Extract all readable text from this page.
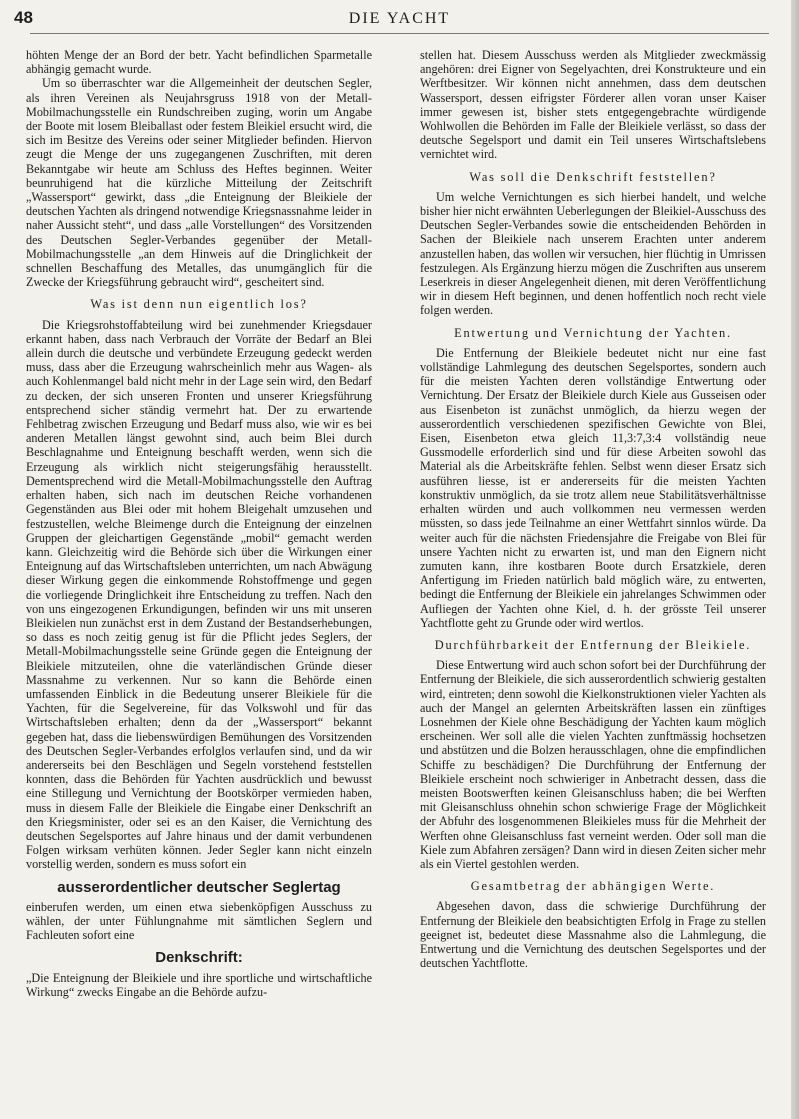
48	DIE YACHT

höhten Menge der an Bord der betr. Yacht befindlichen Sparmetalle abhängig gemacht wurde.

Um so überraschter war die Allgemeinheit der deutschen Segler, als ihren Vereinen als Neujahrsgruss 1918 von der Metall-Mobilmachungsstelle ein Rundschreiben zuging, worin um Angabe der Boote mit losem Bleiballast oder festem Bleikiel ersucht wird, die sich im Besitze des Vereins oder seiner Mitglieder befinden. Hiervon zeugt die Menge der uns zugegangenen Zuschriften, mit deren Bekanntgabe wir heute am Schluss des Heftes beginnen. Weiter beunruhigend hat die kürzliche Mitteilung der Zeitschrift „Wassersport“ gewirkt, dass „die Enteignung der Bleikiele der deutschen Yachten als dringend notwendige Kriegsnassnahme leider in naher Aussicht steht“, und dass „alle Vorstellungen“ des Vorsitzenden des Deutschen Segler-Verbandes gegenüber der Metall-Mobilmachungsstelle „an dem Hinweis auf die Dringlichkeit der schnellen Beschaffung des Metalles, das unumgänglich für die Zwecke der Kriegsführung gebraucht wird“, gescheitert sind.

Was ist denn nun eigentlich los?

Die Kriegsrohstoffabteilung wird bei zunehmender Kriegsdauer erkannt haben, dass nach Verbrauch der Vorräte der Bedarf an Blei allein durch die deutsche und verbündete Erzeugung gedeckt werden muss, dass aber die Erzeugung wahrscheinlich mehr aus Wagen- als auch Kohlenmangel bald nicht mehr in der Lage sein wird, den Bedarf zu decken, der sich unseren Fronten und unserer Kriegsführung entsprechend sicher ständig vermehrt hat. Der zu erwartende Fehlbetrag zwischen Erzeugung und Bedarf muss also, wie wir es bei anderen Metallen längst gewohnt sind, auch beim Blei durch Beschlagnahme und Enteignung beschafft werden, wenn sich die Erzeugung als wirklich nicht steigerungsfähig herausstellt. Dementsprechend wird die Metall-Mobilmachungsstelle den Auftrag erhalten haben, sich nach im deutschen Reiche vorhandenen Gegenständen aus Blei oder mit hohem Bleigehalt umzusehen und festzustellen, welche Bleimenge durch die Enteignung der einzelnen Gruppen der gleichartigen Gegenstände „mobil“ gemacht werden kann. Gleichzeitig wird die Behörde sich über die Wirkungen einer Enteignung auf das Wirtschaftsleben unterrichten, um nach Abwägung dieser Wirkung gegen die einkommende Rohstoffmenge und gegen die vorliegende Dringlichkeit ihre Entscheidung zu treffen. Nach den von uns eingezogenen Erkundigungen, befinden wir uns mit unseren Bleikielen nun zunächst erst in dem Zustand der Bestandserhebungen, so dass es noch zeitig genug ist für die Pflicht jedes Seglers, der Metall-Mobilmachungsstelle seine Gründe gegen die Enteignung der Bleikiele mitzuteilen, ohne die vaterländischen Gründe dieser Massnahme zu verkennen. Nur so kann die Behörde einen umfassenden Einblick in die Bedeutung unserer Bleikiele für die Yachten, für die Segelvereine, für das Volkswohl und für das Wirtschaftsleben erhalten; denn da der „Wassersport“ bekannt gegeben hat, dass die liebenswürdigen Bemühungen des Vorsitzenden des Deutschen Segler-Verbandes erfolglos verlaufen sind, und da wir andererseits bei den Beschlägen und Segeln vorstehend feststellen konnten, dass die Behörden für Yachten ausdrücklich und bewusst eine Stillegung und Vernichtung der Bootskörper vermieden haben, muss in diesem Falle der Bleikiele die Eingabe einer Denkschrift an den Kriegsminister, oder sei es an den Kaiser, die Vernichtung des deutschen Segelsportes auf Jahre hinaus und der damit verbundenen Folgen wirksam verhüten können. Jeder Segler kann nicht einzeln vorstellig werden, sondern es muss sofort ein

ausserordentlicher deutscher Seglertag

einberufen werden, um einen etwa siebenköpfigen Ausschuss zu wählen, der unter Fühlungnahme mit sämtlichen Seglern und Fachleuten sofort eine

Denkschrift:

„Die Enteignung der Bleikiele und ihre sportliche und wirtschaftliche Wirkung“ zwecks Eingabe an die Behörde aufzu-

stellen hat. Diesem Ausschuss werden als Mitglieder zweckmässig angehören: drei Eigner von Segelyachten, drei Konstrukteure und ein Werftbesitzer. Wir können nicht annehmen, dass dem deutschen Wassersport, dessen eifrigster Förderer allen voran unser Kaiser immer gewesen ist, bisher stets entgegengebrachte würdigende Wohlwollen die Behörden im Falle der Bleikiele verlässt, so dass der deutsche Segelsport und damit ein Teil unseres Wirtschaftslebens vernichtet wird.

Was soll die Denkschrift feststellen?

Um welche Vernichtungen es sich hierbei handelt, und welche bisher hier nicht erwähnten Ueberlegungen der Bleikiel-Ausschuss des Deutschen Segler-Verbandes sowie die entscheidenden Behörden in Sachen der Bleikiele nach unserem Erachten unter anderem anzustellen haben, das wollen wir versuchen, hier flüchtig in Umrissen festzulegen. Als Ergänzung hierzu mögen die Zuschriften aus unserem Leserkreis in dieser Angelegenheit dienen, mit deren Veröffentlichung wir in diesem Heft beginnen, und denen hoffentlich noch recht viele folgen werden.

Entwertung und Vernichtung der Yachten.

Die Entfernung der Bleikiele bedeutet nicht nur eine fast vollständige Lahmlegung des deutschen Segelsportes, sondern auch für die meisten Yachten deren vollständige Entwertung oder Vernichtung. Der Ersatz der Bleikiele durch Kiele aus Gusseisen oder aus Eisenbeton ist zunächst unmöglich, da hierzu wegen der ausserordentlich verschiedenen spezifischen Gewichte von Blei, Eisen, Eisenbeton etwa gleich 11,3:7,3:4 vollständig neue Gussmodelle erforderlich sind und für diese Arbeiten sowohl das Material als die Arbeitskräfte fehlen. Selbst wenn dieser Ersatz sich ausführen liesse, ist er andererseits für die meisten Yachten konstruktiv unmöglich, da sie trotz allem neue Stabilitätsverhältnisse erhalten würden und auch vollkommen neu vermessen werden müssten, so dass jede Teilnahme an einer Wettfahrt sinnlos würde. Da weiter auch für die nächsten Friedensjahre die Freigabe von Blei für unsere Yachten nicht zu erwarten ist, und man den Eignern nicht zumuten kann, ihre kostbaren Boote durch Ersatzkiele, deren Anfertigung im Frieden natürlich bald möglich wäre, zu entwerten, bedingt die Entfernung der Bleikiele ein jahrelanges Schwimmen oder Aufliegen der Yachten ohne Kiel, d. h. der grösste Teil unserer Yachtflotte geht zu Grunde oder wird wertlos.

Durchführbarkeit der Entfernung der Bleikiele.

Diese Entwertung wird auch schon sofort bei der Durchführung der Entfernung der Bleikiele, die sich ausserordentlich schwierig gestalten wird, eintreten; denn sowohl die Kielkonstruktionen vieler Yachten als auch der Mangel an gelernten Arbeitskräften lassen ein zünftiges Losnehmen der Kiele ohne Beschädigung der Yachten kaum möglich erscheinen. Wer soll alle die vielen Yachten zunftmässig hochsetzen und abstützen und die Bolzen herausschlagen, ohne die empfindlichen Schiffe zu beschädigen? Die Durchführung der Entfernung der Bleikiele erscheint noch schwieriger in Anbetracht dessen, dass die meisten Bootswerften keinen Gleisanschluss haben; die bei Werften mit Gleisanschluss ohnehin schon schwierige Frage der Möglichkeit der Abfuhr des losgenommenen Bleikieles muss für die Mehrheit der Werften ohne Gleisanschluss fast verneint werden. Oder soll man die Kiele zum Abfahren zersägen? Dann wird in diesen Zeiten sicher mehr als ein Viertel gestohlen werden.

Gesamtbetrag der abhängigen Werte.

Abgesehen davon, dass die schwierige Durchführung der Entfernung der Bleikiele den beabsichtigten Erfolg in Frage zu stellen geeignet ist, bedeutet diese Massnahme also die Lahmlegung, die Entwertung und die Vernichtung des deutschen Segelsportes und der deutschen Yachtflotte.
